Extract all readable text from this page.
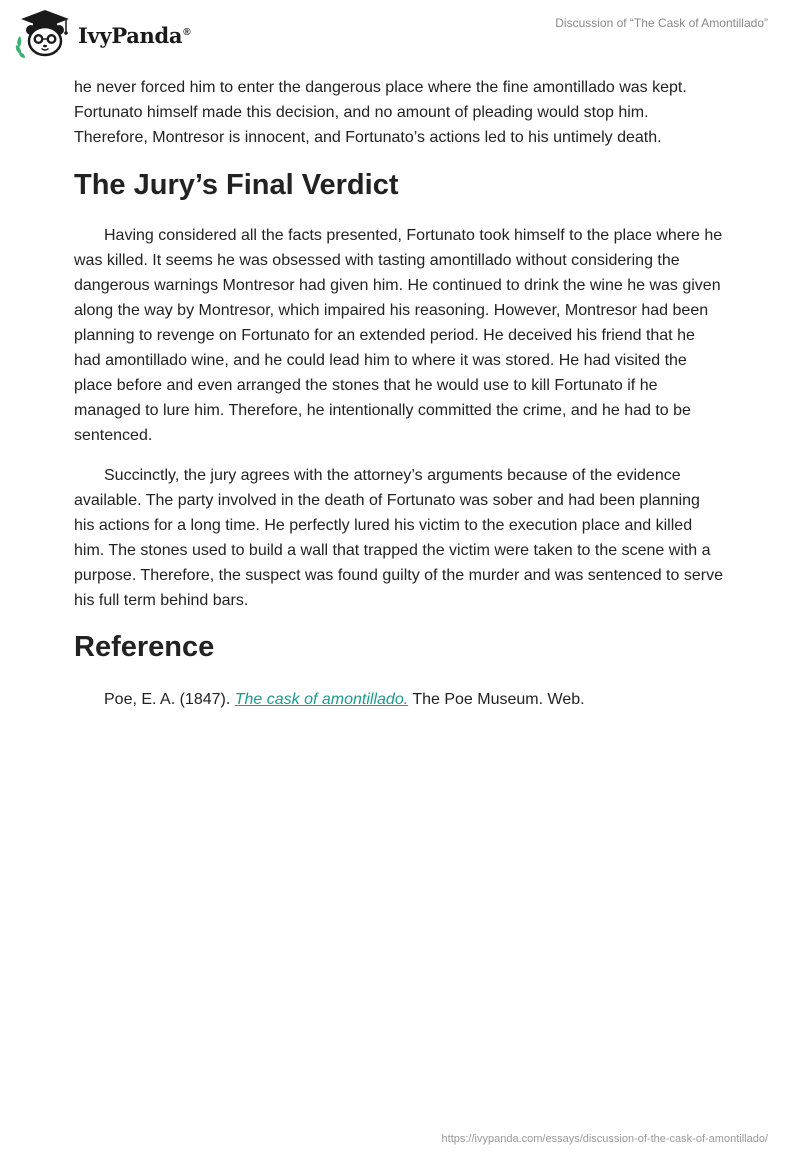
IvyPanda®
Discussion of “The Cask of Amontillado”

he never forced him to enter the dangerous place where the fine amontillado was kept. Fortunato himself made this decision, and no amount of pleading would stop him. Therefore, Montresor is innocent, and Fortunato’s actions led to his untimely death.

The Jury’s Final Verdict

Having considered all the facts presented, Fortunato took himself to the place where he was killed. It seems he was obsessed with tasting amontillado without considering the dangerous warnings Montresor had given him. He continued to drink the wine he was given along the way by Montresor, which impaired his reasoning. However, Montresor had been planning to revenge on Fortunato for an extended period. He deceived his friend that he had amontillado wine, and he could lead him to where it was stored. He had visited the place before and even arranged the stones that he would use to kill Fortunato if he managed to lure him. Therefore, he intentionally committed the crime, and he had to be sentenced.

Succinctly, the jury agrees with the attorney’s arguments because of the evidence available. The party involved in the death of Fortunato was sober and had been planning his actions for a long time. He perfectly lured his victim to the execution place and killed him. The stones used to build a wall that trapped the victim were taken to the scene with a purpose. Therefore, the suspect was found guilty of the murder and was sentenced to serve his full term behind bars.

Reference

Poe, E. A. (1847). The cask of amontillado. The Poe Museum. Web.

https://ivypanda.com/essays/discussion-of-the-cask-of-amontillado/
